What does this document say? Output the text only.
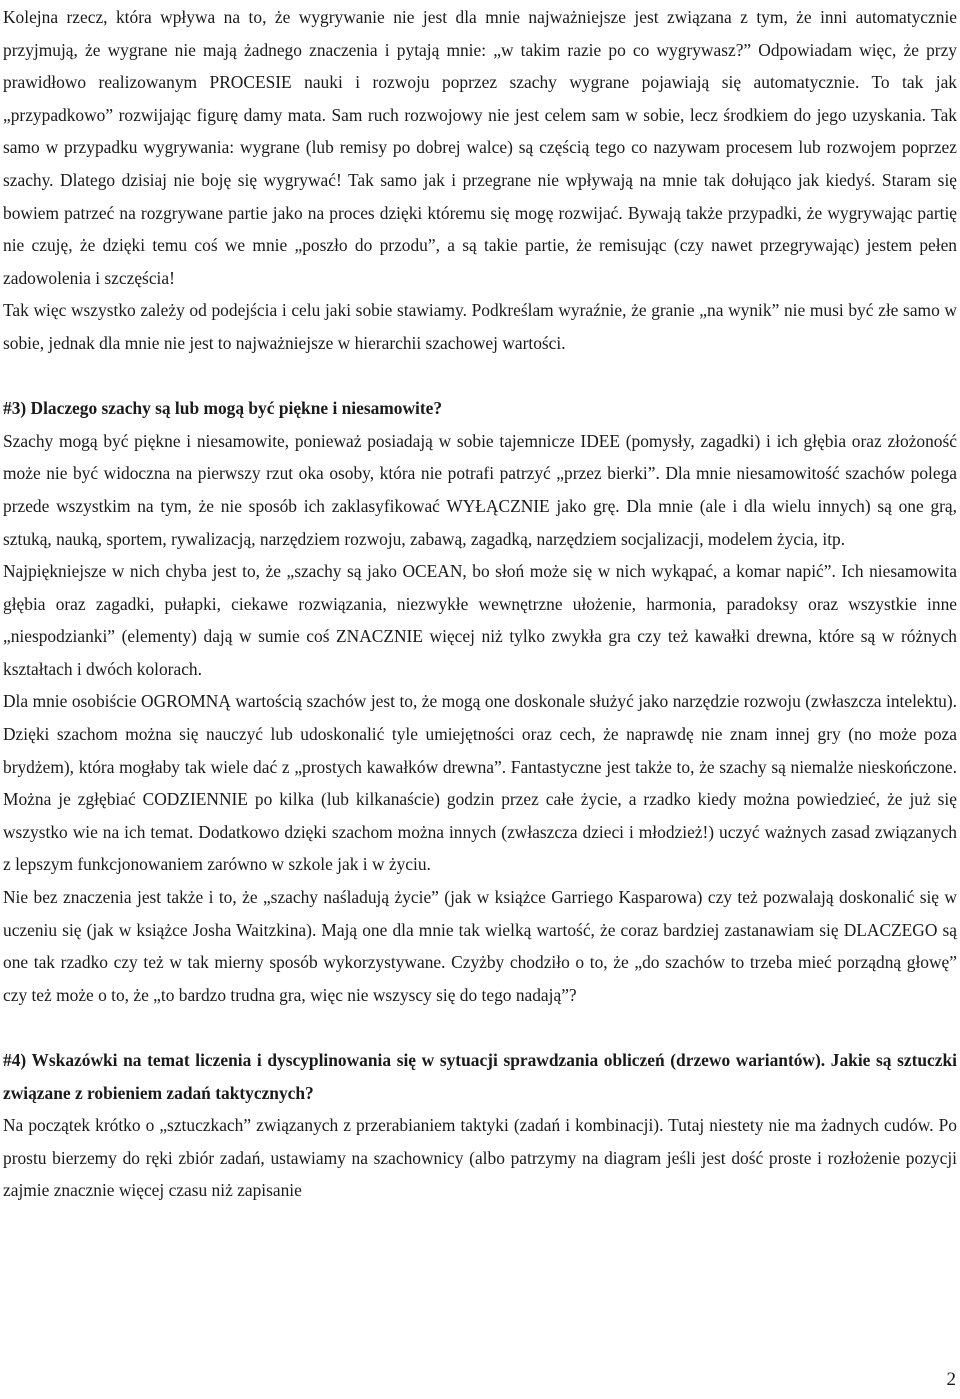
Kolejna rzecz, która wpływa na to, że wygrywanie nie jest dla mnie najważniejsze jest związana z tym, że inni automatycznie przyjmują, że wygrane nie mają żadnego znaczenia i pytają mnie: „w takim razie po co wygrywasz?” Odpowiadam więc, że przy prawidłowo realizowanym PROCESIE nauki i rozwoju poprzez szachy wygrane pojawiają się automatycznie. To tak jak „przypadkowo” rozwijając figurę damy mata. Sam ruch rozwojowy nie jest celem sam w sobie, lecz środkiem do jego uzyskania. Tak samo w przypadku wygrywania: wygrane (lub remisy po dobrej walce) są częścią tego co nazywam procesem lub rozwojem poprzez szachy. Dlatego dzisiaj nie boję się wygrywać! Tak samo jak i przegrane nie wpływają na mnie tak dołująco jak kiedyś. Staram się bowiem patrzeć na rozgrywane partie jako na proces dzięki któremu się mogę rozwijać. Bywają także przypadki, że wygrywając partię nie czuję, że dzięki temu coś we mnie „poszło do przodu”, a są takie partie, że remisując (czy nawet przegrywając) jestem pełen zadowolenia i szczęścia!

Tak więc wszystko zależy od podejścia i celu jaki sobie stawiamy. Podkreślam wyraźnie, że granie „na wynik” nie musi być złe samo w sobie, jednak dla mnie nie jest to najważniejsze w hierarchii szachowej wartości.

#3) Dlaczego szachy są lub mogą być piękne i niesamowite?

Szachy mogą być piękne i niesamowite, ponieważ posiadają w sobie tajemnicze IDEE (pomysły, zagadki) i ich głębia oraz złożoność może nie być widoczna na pierwszy rzut oka osoby, która nie potrafi patrzyć „przez bierki”. Dla mnie niesamowitość szachów polega przede wszystkim na tym, że nie sposób ich zaklasyfikować WYŁĄCZNIE jako grę. Dla mnie (ale i dla wielu innych) są one grą, sztuką, nauką, sportem, rywalizacją, narzędziem rozwoju, zabawą, zagadką, narzędziem socjalizacji, modelem życia, itp.

Najpiękniejsze w nich chyba jest to, że „szachy są jako OCEAN, bo słoń może się w nich wykąpać, a komar napić”. Ich niesamowita głębia oraz zagadki, pułapki, ciekawe rozwiązania, niezwykłe wewnętrzne ułożenie, harmonia, paradoksy oraz wszystkie inne „niespodzianki” (elementy) dają w sumie coś ZNACZNIE więcej niż tylko zwykła gra czy też kawałki drewna, które są w różnych kształtach i dwóch kolorach.

Dla mnie osobiście OGROMNĄ wartością szachów jest to, że mogą one doskonale służyć jako narzędzie rozwoju (zwłaszcza intelektu). Dzięki szachom można się nauczyć lub udoskonalić tyle umiejętności oraz cech, że naprawdę nie znam innej gry (no może poza brydżem), która mogłaby tak wiele dać z „prostych kawałków drewna”. Fantastyczne jest także to, że szachy są niemalże nieskończone. Można je zgłębiać CODZIENNIE po kilka (lub kilkanaście) godzin przez całe życie, a rzadko kiedy można powiedzieć, że już się wszystko wie na ich temat. Dodatkowo dzięki szachom można innych (zwłaszcza dzieci i młodzież!) uczyć ważnych zasad związanych z lepszym funkcjonowaniem zarówno w szkole jak i w życiu.

Nie bez znaczenia jest także i to, że „szachy naśladują życie” (jak w książce Garriego Kasparowa) czy też pozwalają doskonalić się w uczeniu się (jak w książce Josha Waitzkina). Mają one dla mnie tak wielką wartość, że coraz bardziej zastanawiam się DLACZEGO są one tak rzadko czy też w tak mierny sposób wykorzystywane. Czyżby chodziło o to, że „do szachów to trzeba mieć porządną głowę” czy też może o to, że „to bardzo trudna gra, więc nie wszyscy się do tego nadają”?

#4) Wskazówki na temat liczenia i dyscyplinowania się w sytuacji sprawdzania obliczeń (drzewo wariantów). Jakie są sztuczki związane z robieniem zadań taktycznych?

Na początek krótko o „sztuczkach” związanych z przerabianiem taktyki (zadań i kombinacji). Tutaj niestety nie ma żadnych cudów. Po prostu bierzemy do ręki zbiór zadań, ustawiamy na szachownicy (albo patrzymy na diagram jeśli jest dość proste i rozłożenie pozycji zajmie znacznie więcej czasu niż zapisanie

2
